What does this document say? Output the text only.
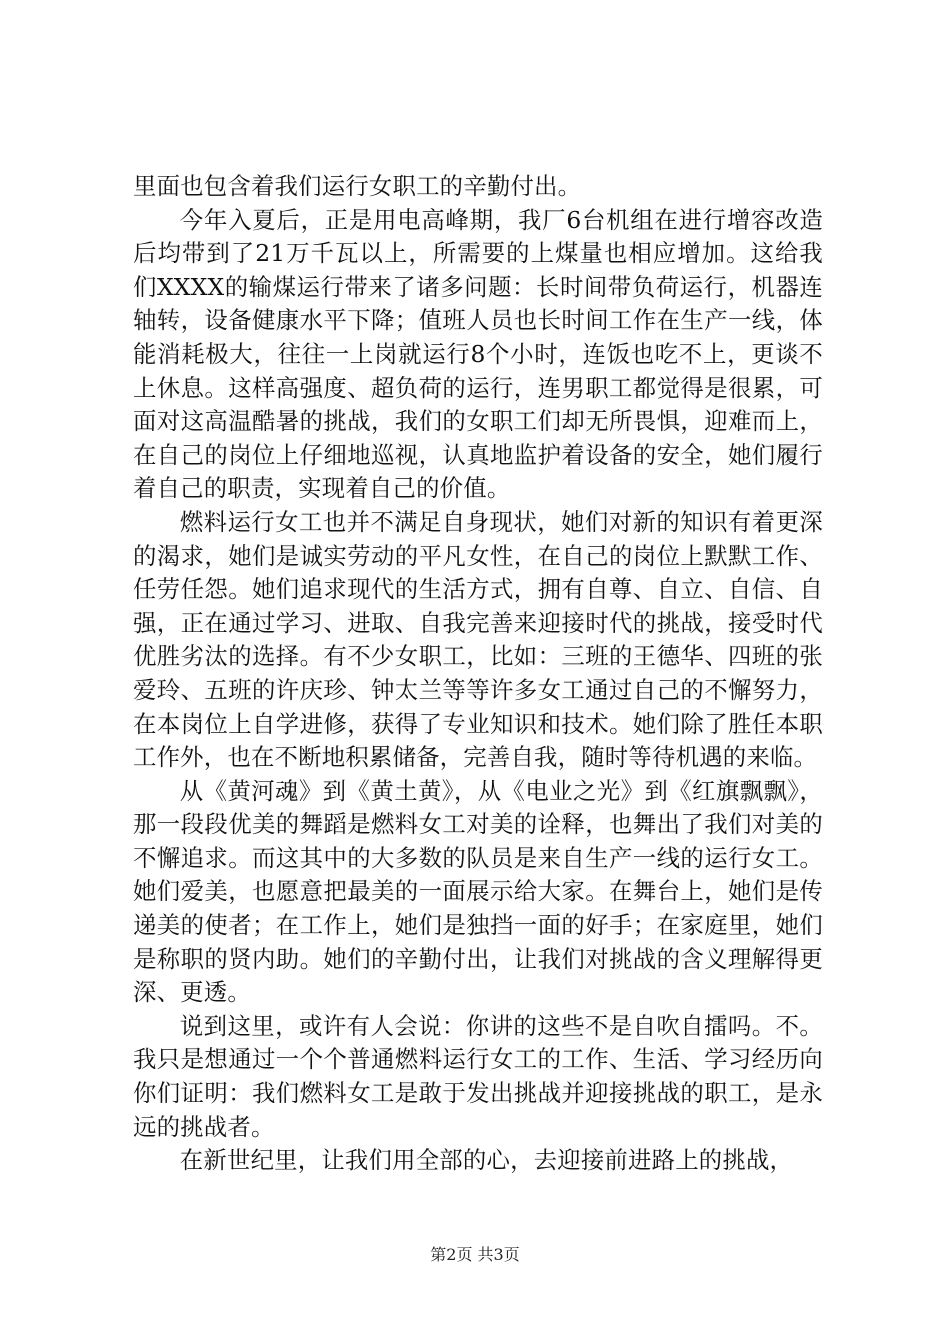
里面也包含着我们运行女职工的辛勤付出。

今年入夏后，正是用电高峰期，我厂6台机组在进行增容改造后均带到了21万千瓦以上，所需要的上煤量也相应增加。这给我们XXXX的输煤运行带来了诸多问题：长时间带负荷运行，机器连轴转，设备健康水平下降；值班人员也长时间工作在生产一线，体能消耗极大，往往一上岗就运行8个小时，连饭也吃不上，更谈不上休息。这样高强度、超负荷的运行，连男职工都觉得是很累，可面对这高温酷暑的挑战，我们的女职工们却无所畏惧，迎难而上，在自己的岗位上仔细地巡视，认真地监护着设备的安全，她们履行着自己的职责，实现着自己的价值。

燃料运行女工也并不满足自身现状，她们对新的知识有着更深的渴求，她们是诚实劳动的平凡女性，在自己的岗位上默默工作、任劳任怨。她们追求现代的生活方式，拥有自尊、自立、自信、自强，正在通过学习、进取、自我完善来迎接时代的挑战，接受时代优胜劣汰的选择。有不少女职工，比如：三班的王德华、四班的张爱玲、五班的许庆珍、钟太兰等等许多女工通过自己的不懈努力，在本岗位上自学进修，获得了专业知识和技术。她们除了胜任本职工作外，也在不断地积累储备，完善自我，随时等待机遇的来临。

从《黄河魂》到《黄土黄》，从《电业之光》到《红旗飘飘》，那一段段优美的舞蹈是燃料女工对美的诠释，也舞出了我们对美的不懈追求。而这其中的大多数的队员是来自生产一线的运行女工。她们爱美，也愿意把最美的一面展示给大家。在舞台上，她们是传递美的使者；在工作上，她们是独挡一面的好手；在家庭里，她们是称职的贤内助。她们的辛勤付出，让我们对挑战的含义理解得更深、更透。

说到这里，或许有人会说：你讲的这些不是自吹自擂吗。不。我只是想通过一个个普通燃料运行女工的工作、生活、学习经历向你们证明：我们燃料女工是敢于发出挑战并迎接挑战的职工，是永远的挑战者。

在新世纪里，让我们用全部的心，去迎接前进路上的挑战，

第2页 共3页
